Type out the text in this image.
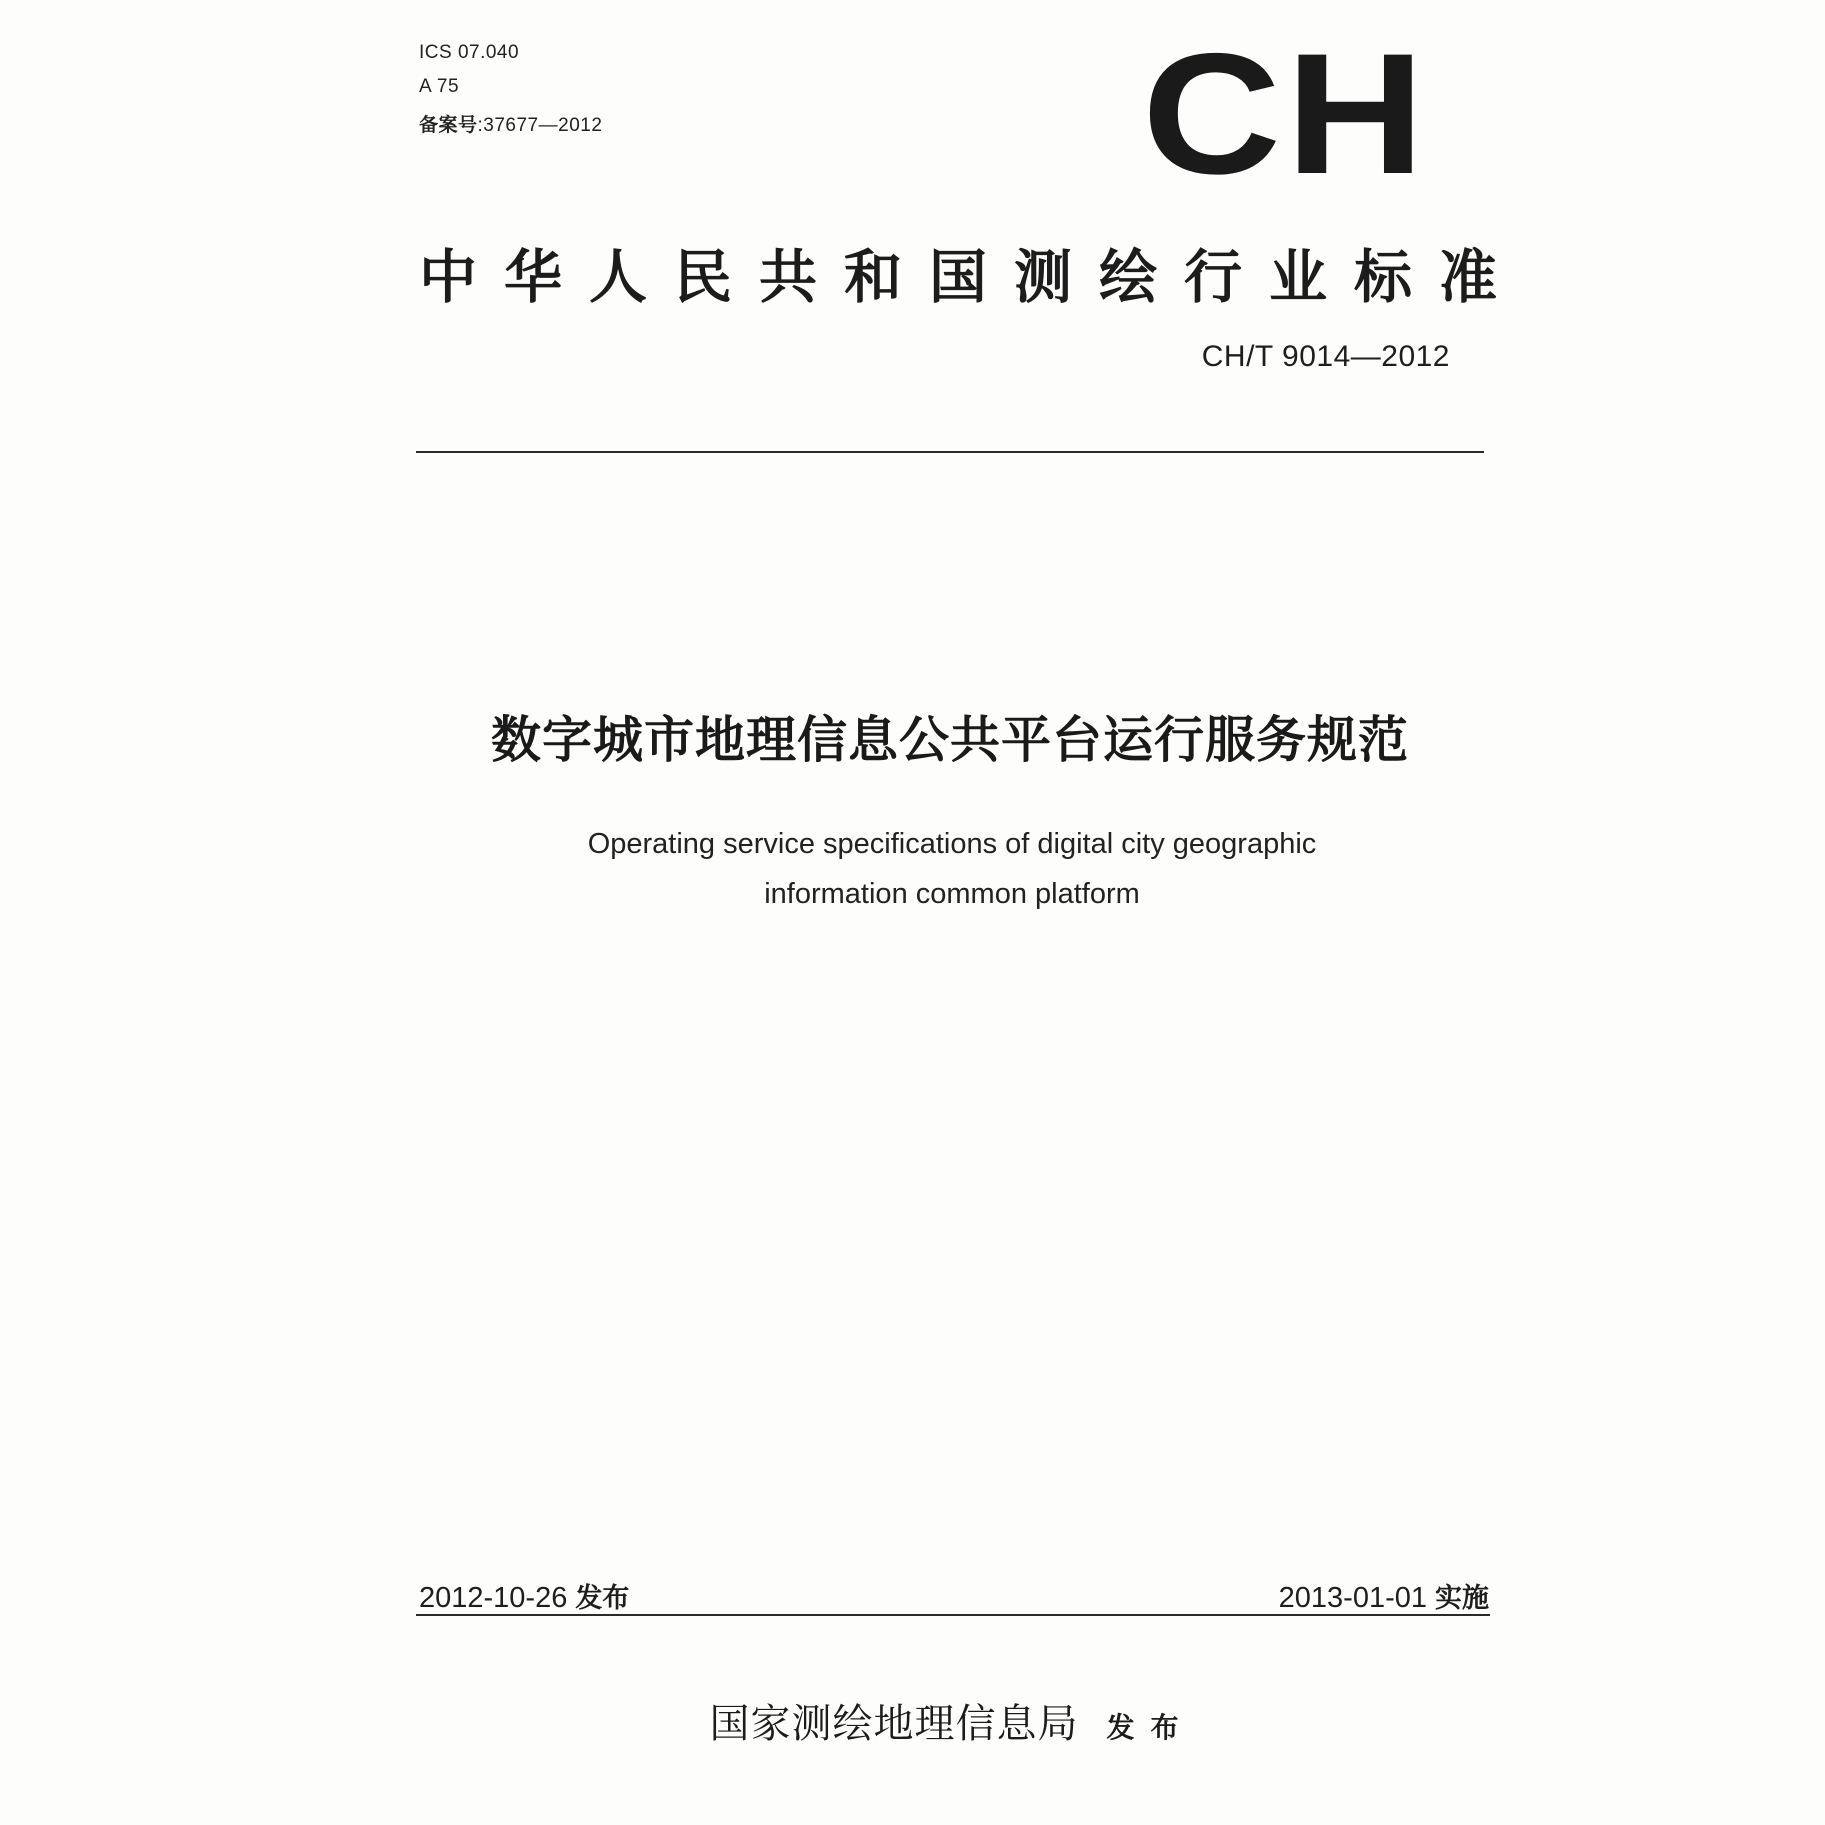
ICS 07.040
A 75
备案号:37677—2012	CH
中华人民共和国测绘行业标准
CH/T 9014—2012
数字城市地理信息公共平台运行服务规范
Operating service specifications of digital city geographic
information common platform
2012-10-26 发布	2013-01-01 实施
国家测绘地理信息局 发布
